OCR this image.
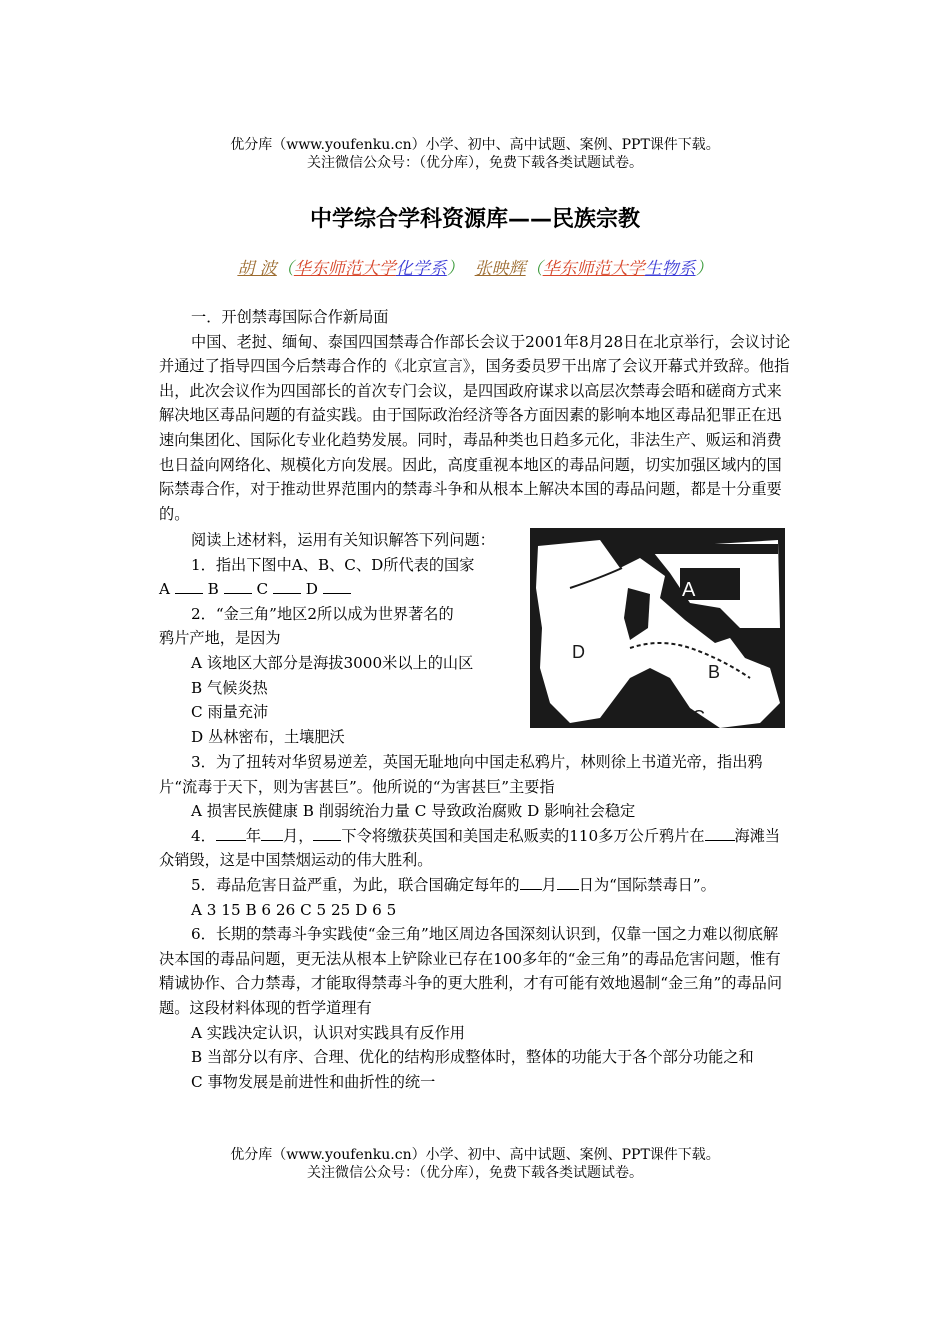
优分库（www.youfenku.cn）小学、初中、高中试题、案例、PPT课件下载。
关注微信公众号：（优分库），免费下载各类试题试卷。
中学综合学科资源库——民族宗教
胡 波（华东师范大学化学系） 张映辉（华东师范大学生物系）

一．开创禁毒国际合作新局面

中国、老挝、缅甸、泰国四国禁毒合作部长会议于2001年8月28日在北京举行，会议讨论并通过了指导四国今后禁毒合作的《北京宣言》，国务委员罗干出席了会议开幕式并致辞。他指出，此次会议作为四国部长的首次专门会议，是四国政府谋求以高层次禁毒会晤和磋商方式来解决地区毒品问题的有益实践。由于国际政治经济等各方面因素的影响本地区毒品犯罪正在迅速向集团化、国际化专业化趋势发展。同时，毒品种类也日趋多元化，非法生产、贩运和消费也日益向网络化、规模化方向发展。因此，高度重视本地区的毒品问题，切实加强区域内的国际禁毒合作，对于推动世界范围内的禁毒斗争和从根本上解决本国的毒品问题，都是十分重要的。

阅读上述材料，运用有关知识解答下列问题：

1．指出下图中A、B、C、D所代表的国家

A B C D

2．“金三角”地区2所以成为世界著名的

鸦片产地，是因为

A 该地区大部分是海拔3000米以上的山区

B 气候炎热

C 雨量充沛

D 丛林密布，土壤肥沃

A
B
C
D

3．为了扭转对华贸易逆差，英国无耻地向中国走私鸦片，林则徐上书道光帝，指出鸦片“流毒于天下，则为害甚巨”。他所说的“为害甚巨”主要指

A 损害民族健康 B 削弱统治力量 C 导致政治腐败 D 影响社会稳定

4． 年 月， 下令将缴获英国和美国走私贩卖的110多万公斤鸦片在 海滩当众销毁，这是中国禁烟运动的伟大胜利。

5．毒品危害日益严重，为此，联合国确定每年的 月 日为“国际禁毒日”。

A 3 15 B 6 26 C 5 25 D 6 5

6．长期的禁毒斗争实践使“金三角”地区周边各国深刻认识到，仅靠一国之力难以彻底解决本国的毒品问题，更无法从根本上铲除业已存在100多年的“金三角”的毒品危害问题，惟有精诚协作、合力禁毒，才能取得禁毒斗争的更大胜利，才有可能有效地遏制“金三角”的毒品问题。这段材料体现的哲学道理有

A 实践决定认识，认识对实践具有反作用

B 当部分以有序、合理、优化的结构形成整体时，整体的功能大于各个部分功能之和

C 事物发展是前进性和曲折性的统一

优分库（www.youfenku.cn）小学、初中、高中试题、案例、PPT课件下载。
关注微信公众号：（优分库），免费下载各类试题试卷。
